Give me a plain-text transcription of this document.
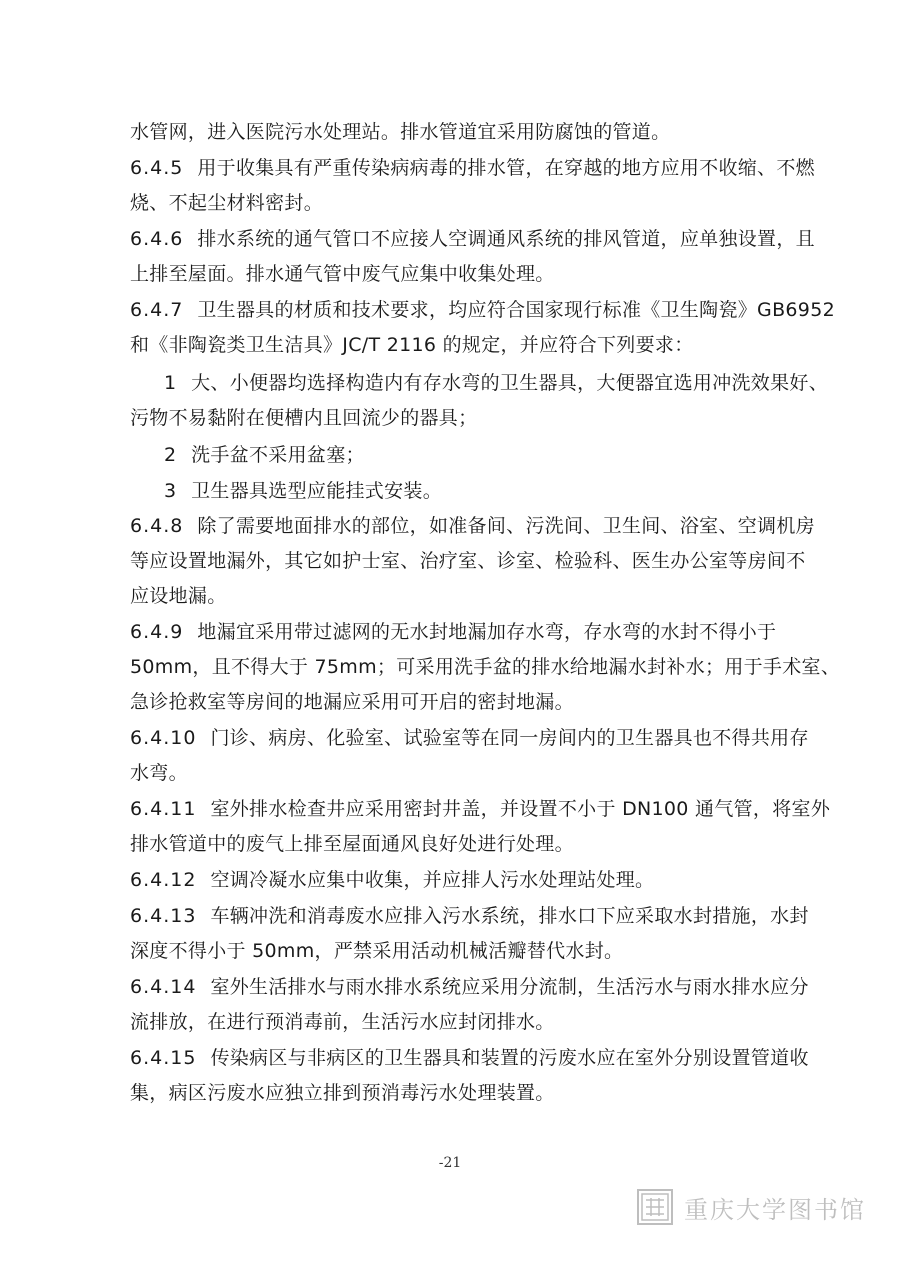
水管网，进入医院污水处理站。排水管道宜采用防腐蚀的管道。
6.4.5 用于收集具有严重传染病病毒的排水管，在穿越的地方应用不收缩、不燃
烧、不起尘材料密封。
6.4.6 排水系统的通气管口不应接人空调通风系统的排风管道，应单独设置，且
上排至屋面。排水通气管中废气应集中收集处理。
6.4.7 卫生器具的材质和技术要求，均应符合国家现行标准《卫生陶瓷》GB6952
和《非陶瓷类卫生洁具》JC/T 2116 的规定，并应符合下列要求：
1 大、小便器均选择构造内有存水弯的卫生器具，大便器宜选用冲洗效果好、
污物不易黏附在便槽内且回流少的器具；
2 洗手盆不采用盆塞；
3 卫生器具选型应能挂式安装。
6.4.8 除了需要地面排水的部位，如准备间、污洗间、卫生间、浴室、空调机房
等应设置地漏外，其它如护士室、治疗室、诊室、检验科、医生办公室等房间不
应设地漏。
6.4.9 地漏宜采用带过滤网的无水封地漏加存水弯，存水弯的水封不得小于
50mm，且不得大于 75mm；可采用洗手盆的排水给地漏水封补水；用于手术室、
急诊抢救室等房间的地漏应采用可开启的密封地漏。
6.4.10 门诊、病房、化验室、试验室等在同一房间内的卫生器具也不得共用存
水弯。
6.4.11 室外排水检查井应采用密封井盖，并设置不小于 DN100 通气管，将室外
排水管道中的废气上排至屋面通风良好处进行处理。
6.4.12 空调冷凝水应集中收集，并应排人污水处理站处理。
6.4.13 车辆冲洗和消毒废水应排入污水系统，排水口下应采取水封措施，水封
深度不得小于 50mm，严禁采用活动机械活瓣替代水封。
6.4.14 室外生活排水与雨水排水系统应采用分流制，生活污水与雨水排水应分
流排放，在进行预消毒前，生活污水应封闭排水。
6.4.15 传染病区与非病区的卫生器具和装置的污废水应在室外分别设置管道收
集，病区污废水应独立排到预消毒污水处理装置。
-21
重庆大学图书馆
